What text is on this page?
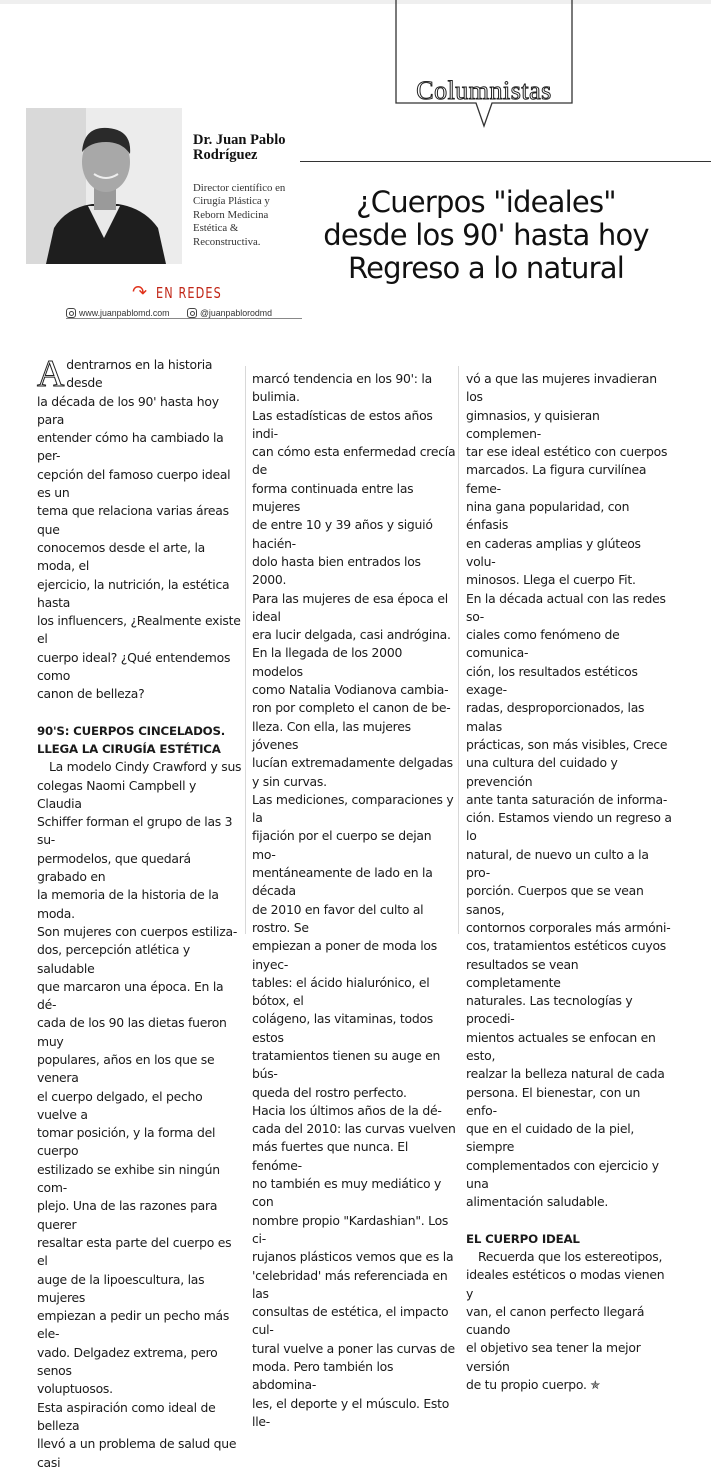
Columnistas
Dr. Juan Pablo Rodríguez
Director científico en Cirugía Plástica y Reborn Medicina Estética & Reconstructiva.
¿Cuerpos "ideales"
desde los 90' hasta hoy
Regreso a lo natural
↷ EN REDES
www.juanpablomd.com	@juanpablorodmd
A dentrarnos en la historia desde

la década de los 90' hasta hoy para

entender cómo ha cambiado la per-

cepción del famoso cuerpo ideal es un

tema que relaciona varias áreas que

conocemos desde el arte, la moda, el

ejercicio, la nutrición, la estética hasta

los influencers, ¿Realmente existe el

cuerpo ideal? ¿Qué entendemos como

canon de belleza?

90'S: CUERPOS CINCELADOS.

LLEGA LA CIRUGÍA ESTÉTICA

La modelo Cindy Crawford y sus

colegas Naomi Campbell y Claudia

Schiffer forman el grupo de las 3 su-

permodelos, que quedará grabado en

la memoria de la historia de la moda.

Son mujeres con cuerpos estiliza-

dos, percepción atlética y saludable

que marcaron una época. En la dé-

cada de los 90 las dietas fueron muy

populares, años en los que se venera

el cuerpo delgado, el pecho vuelve a

tomar posición, y la forma del cuerpo

estilizado se exhibe sin ningún com-

plejo. Una de las razones para querer

resaltar esta parte del cuerpo es el

auge de la lipoescultura, las mujeres

empiezan a pedir un pecho más ele-

vado. Delgadez extrema, pero senos

voluptuosos.

Esta aspiración como ideal de belleza

llevó a un problema de salud que casi

marcó tendencia en los 90': la bulimia.

Las estadísticas de estos años indi-

can cómo esta enfermedad crecía de

forma continuada entre las mujeres

de entre 10 y 39 años y siguió hacién-

dolo hasta bien entrados los 2000.

Para las mujeres de esa época el ideal

era lucir delgada, casi andrógina.

En la llegada de los 2000 modelos

como Natalia Vodianova cambia-

ron por completo el canon de be-

lleza. Con ella, las mujeres jóvenes

lucían extremadamente delgadas

y sin curvas.

Las mediciones, comparaciones y la

fijación por el cuerpo se dejan mo-

mentáneamente de lado en la década

de 2010 en favor del culto al rostro. Se

empiezan a poner de moda los inyec-

tables: el ácido hialurónico, el bótox, el

colágeno, las vitaminas, todos estos

tratamientos tienen su auge en bús-

queda del rostro perfecto.

Hacia los últimos años de la dé-

cada del 2010: las curvas vuelven

más fuertes que nunca. El fenóme-

no también es muy mediático y con

nombre propio "Kardashian". Los ci-

rujanos plásticos vemos que es la

'celebridad' más referenciada en las

consultas de estética, el impacto cul-

tural vuelve a poner las curvas de

moda. Pero también los abdomina-

les, el deporte y el músculo. Esto lle-

vó a que las mujeres invadieran los

gimnasios, y quisieran complemen-

tar ese ideal estético con cuerpos

marcados. La figura curvilínea feme-

nina gana popularidad, con énfasis

en caderas amplias y glúteos volu-

minosos. Llega el cuerpo Fit.

En la década actual con las redes so-

ciales como fenómeno de comunica-

ción, los resultados estéticos exage-

radas, desproporcionados, las malas

prácticas, son más visibles, Crece

una cultura del cuidado y prevención

ante tanta saturación de informa-

ción. Estamos viendo un regreso a lo

natural, de nuevo un culto a la pro-

porción. Cuerpos que se vean sanos,

contornos corporales más armóni-

cos, tratamientos estéticos cuyos

resultados se vean completamente

naturales. Las tecnologías y procedi-

mientos actuales se enfocan en esto,

realzar la belleza natural de cada

persona. El bienestar, con un enfo-

que en el cuidado de la piel, siempre

complementados con ejercicio y una

alimentación saludable.

EL CUERPO IDEAL

Recuerda que los estereotipos,

ideales estéticos o modas vienen y

van, el canon perfecto llegará cuando

el objetivo sea tener la mejor versión

de tu propio cuerpo. ✯
